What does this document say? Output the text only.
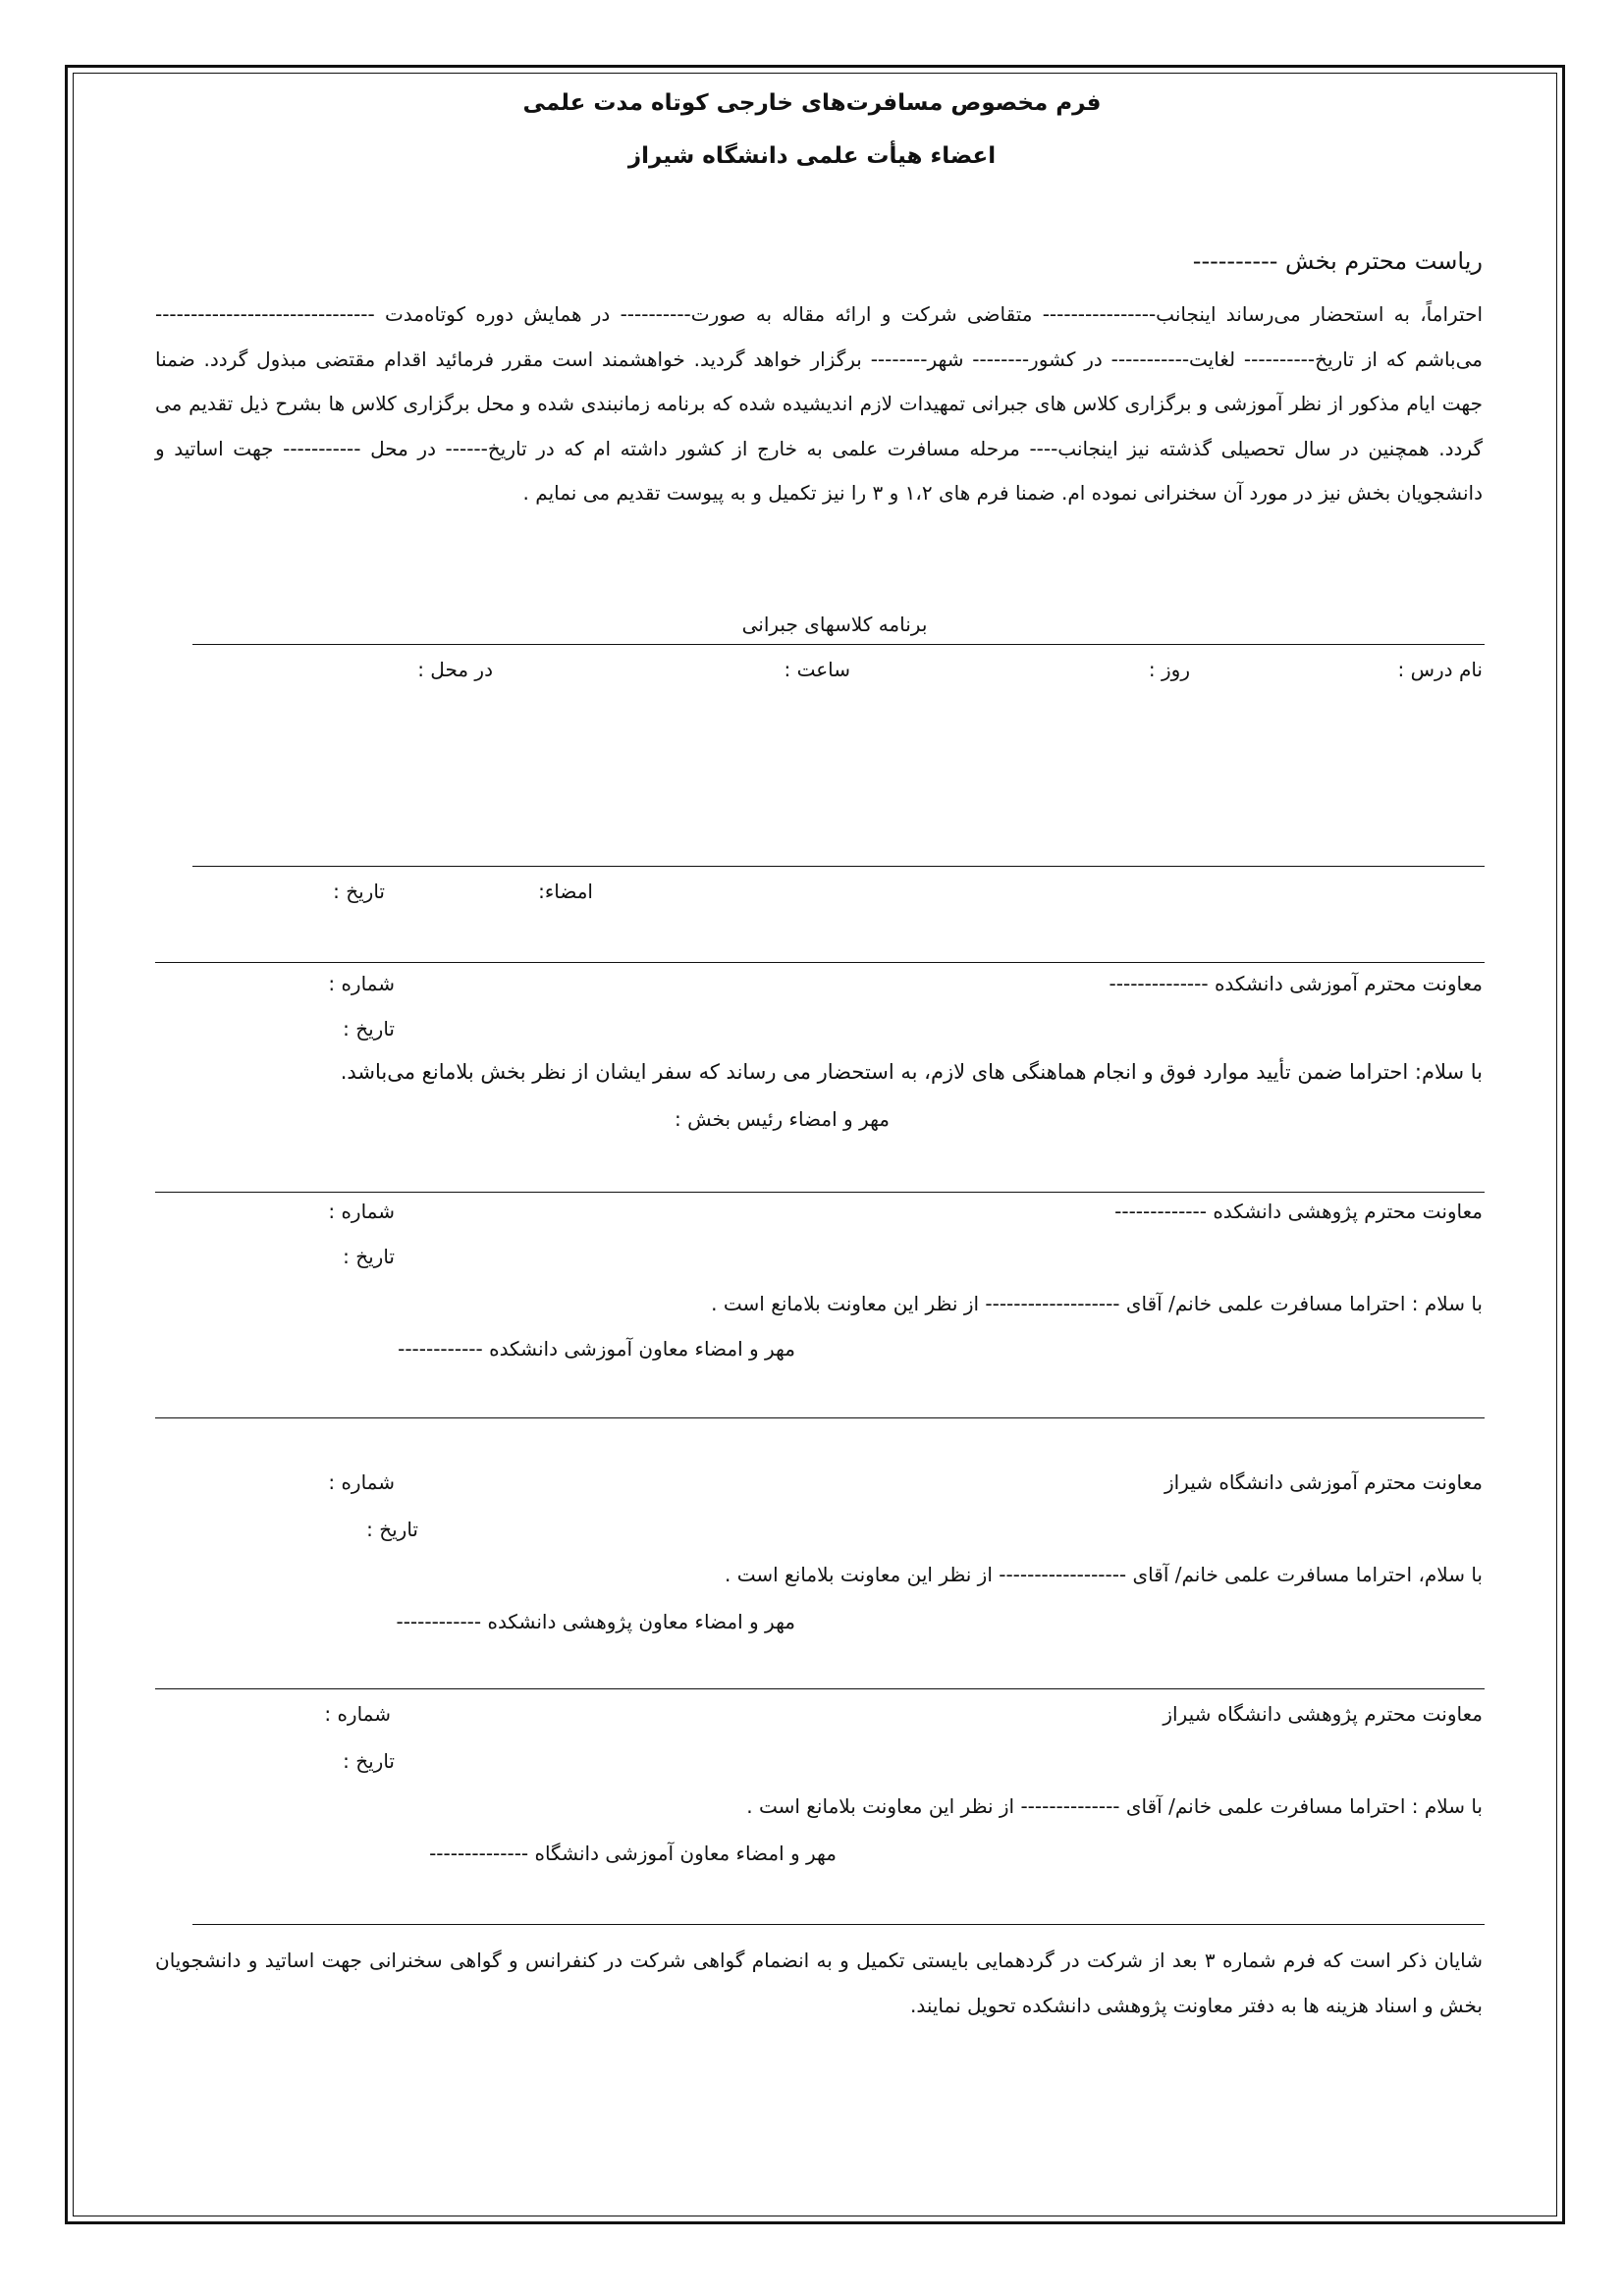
فرم مخصوص مسافرت‌های خارجی کوتاه مدت علمی
اعضاء هیأت علمی دانشگاه شیراز
ریاست محترم بخش ----------
احتراماً، به استحضار می‌رساند اینجانب---------------- متقاضی شرکت و ارائه مقاله به صورت---------- در همایش دوره کوتاه‌مدت ------------------------------- می‌باشم که از تاریخ---------- لغایت----------- در کشور-------- شهر-------- برگزار خواهد گردید. خواهشمند است مقرر فرمائید اقدام مقتضی مبذول گردد. ضمنا جهت ایام مذکور از نظر آموزشی و برگزاری کلاس های جبرانی تمهیدات لازم اندیشیده شده که برنامه زمانبندی شده و محل برگزاری کلاس ها بشرح ذیل تقدیم می گردد. همچنین در سال تحصیلی گذشته نیز اینجانب---- مرحله مسافرت علمی به خارج از کشور داشته ام که در تاریخ------ در محل ----------- جهت اساتید و دانشجویان بخش نیز در مورد آن سخنرانی نموده ام. ضمنا فرم های ۱،۲ و ۳ را نیز تکمیل و به پیوست تقدیم می نمایم .
برنامه کلاسهای جبرانی
نام درس :
روز :
ساعت :
در محل :
امضاء:
تاریخ :
معاونت محترم آموزشی دانشکده --------------
شماره :
تاریخ :
با سلام: احتراما ضمن تأیید موارد فوق و انجام هماهنگی های لازم، به استحضار می رساند که سفر ایشان از نظر بخش بلامانع می‌باشد.
مهر و امضاء رئیس بخش :
معاونت محترم پژوهشی دانشکده -------------
شماره :
تاریخ :
با سلام : احتراما مسافرت علمی خانم/ آقای ------------------- از نظر این معاونت بلامانع است .
مهر و امضاء معاون آموزشی دانشکده ------------
معاونت محترم آموزشی دانشگاه شیراز
شماره :
تاریخ :
با سلام، احتراما مسافرت علمی خانم/ آقای ------------------ از نظر این معاونت بلامانع است .
مهر و امضاء معاون پژوهشی دانشکده ------------
معاونت محترم پژوهشی دانشگاه شیراز
شماره :
تاریخ :
با سلام : احتراما مسافرت علمی خانم/ آقای -------------- از نظر این معاونت بلامانع است .
مهر و امضاء معاون آموزشی دانشگاه --------------
شایان ذکر است که فرم شماره ۳ بعد از شرکت در گردهمایی بایستی تکمیل و به انضمام گواهی شرکت در کنفرانس و گواهی سخنرانی جهت اساتید و دانشجویان بخش و اسناد هزینه ها به دفتر معاونت پژوهشی دانشکده تحویل نمایند.
